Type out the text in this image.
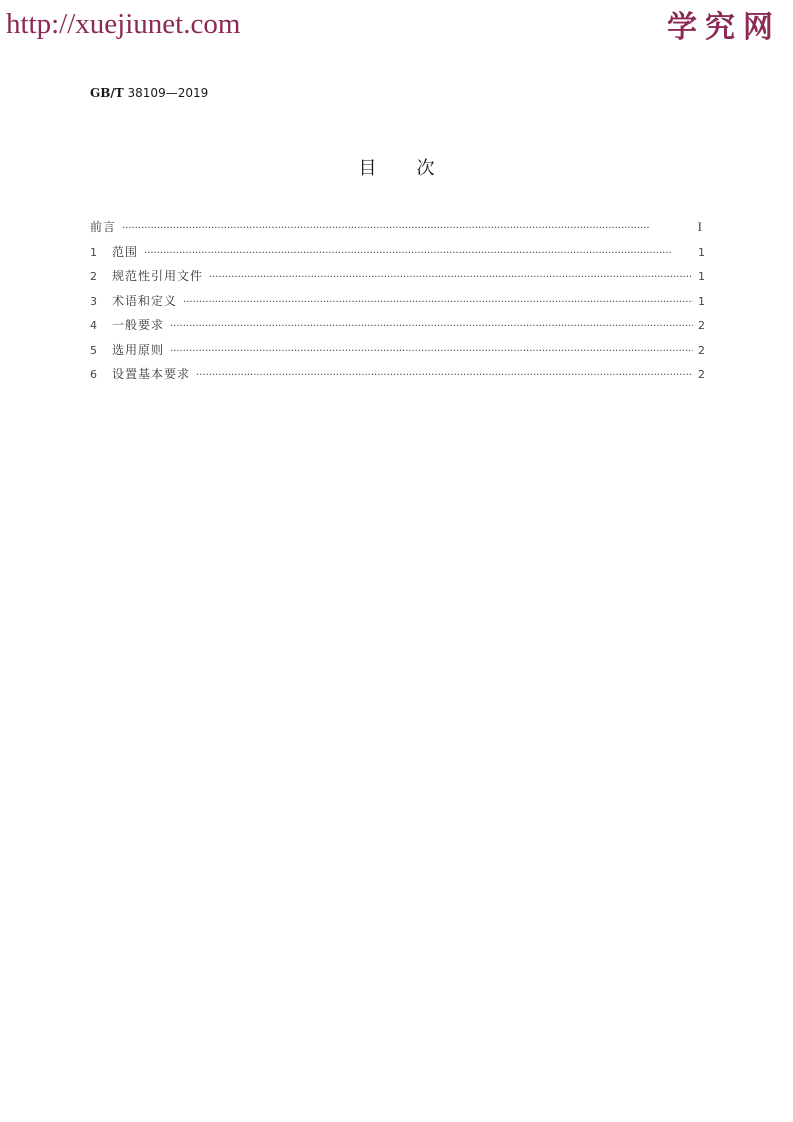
http://xuejiunet.com	学究网
GB/T 38109—2019
目次
前言 ·····	I
1	范围 ·····	1
2	规范性引用文件 ·····	1
3	术语和定义 ·····	1
4	一般要求 ·····	2
5	选用原则 ·····	2
6	设置基本要求 ·····	2
